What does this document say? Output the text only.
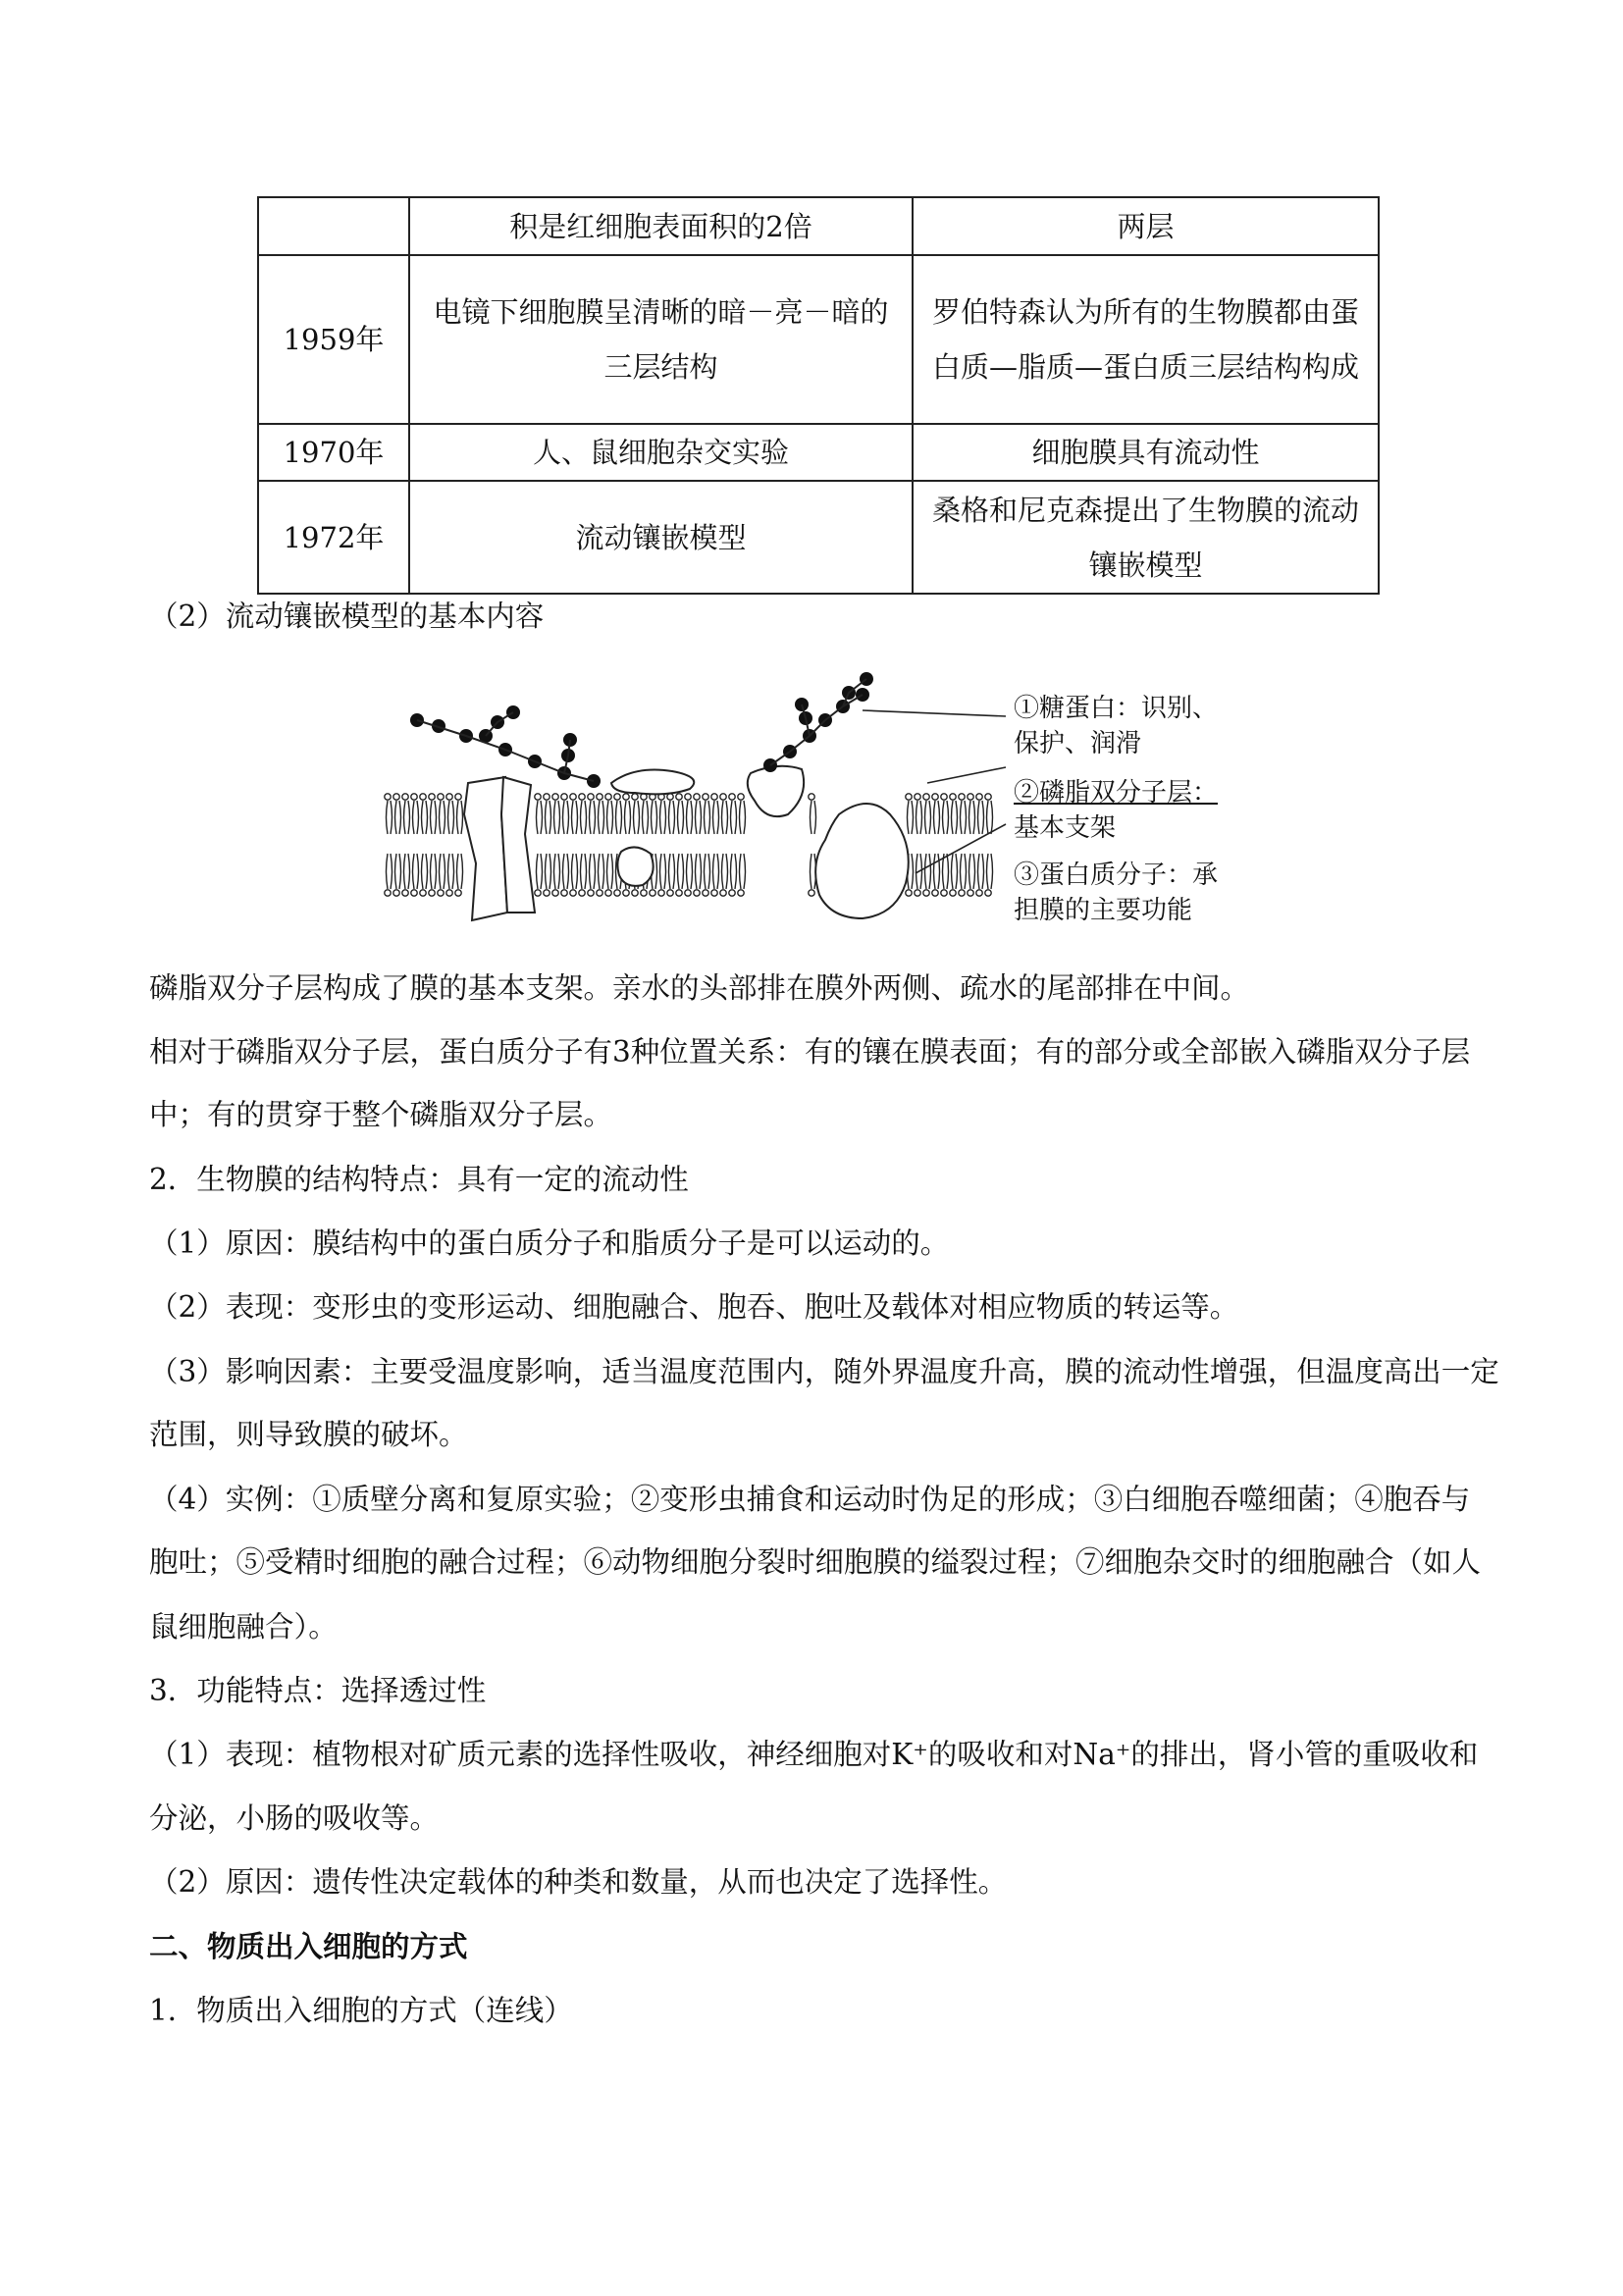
	积是红细胞表面积的2倍	两层
1959年	电镜下细胞膜呈清晰的暗－亮－暗的三层结构	罗伯特森认为所有的生物膜都由蛋白质—脂质—蛋白质三层结构构成
1970年	人、鼠细胞杂交实验	细胞膜具有流动性
1972年	流动镶嵌模型	桑格和尼克森提出了生物膜的流动镶嵌模型
（2）流动镶嵌模型的基本内容
①糖蛋白：识别、
保护、润滑
②磷脂双分子层：
基本支架
③蛋白质分子：承
担膜的主要功能
磷脂双分子层构成了膜的基本支架。亲水的头部排在膜外两侧、疏水的尾部排在中间。
相对于磷脂双分子层，蛋白质分子有3种位置关系：有的镶在膜表面；有的部分或全部嵌入磷脂双分子层
中；有的贯穿于整个磷脂双分子层。
2．生物膜的结构特点：具有一定的流动性
（1）原因：膜结构中的蛋白质分子和脂质分子是可以运动的。
（2）表现：变形虫的变形运动、细胞融合、胞吞、胞吐及载体对相应物质的转运等。
（3）影响因素：主要受温度影响，适当温度范围内，随外界温度升高，膜的流动性增强，但温度高出一定
范围，则导致膜的破坏。
（4）实例：①质壁分离和复原实验；②变形虫捕食和运动时伪足的形成；③白细胞吞噬细菌；④胞吞与
胞吐；⑤受精时细胞的融合过程；⑥动物细胞分裂时细胞膜的缢裂过程；⑦细胞杂交时的细胞融合（如人
鼠细胞融合）。
3．功能特点：选择透过性
（1）表现：植物根对矿质元素的选择性吸收，神经细胞对K⁺的吸收和对Na⁺的排出，肾小管的重吸收和
分泌，小肠的吸收等。
（2）原因：遗传性决定载体的种类和数量，从而也决定了选择性。
二、物质出入细胞的方式
1．物质出入细胞的方式（连线）
